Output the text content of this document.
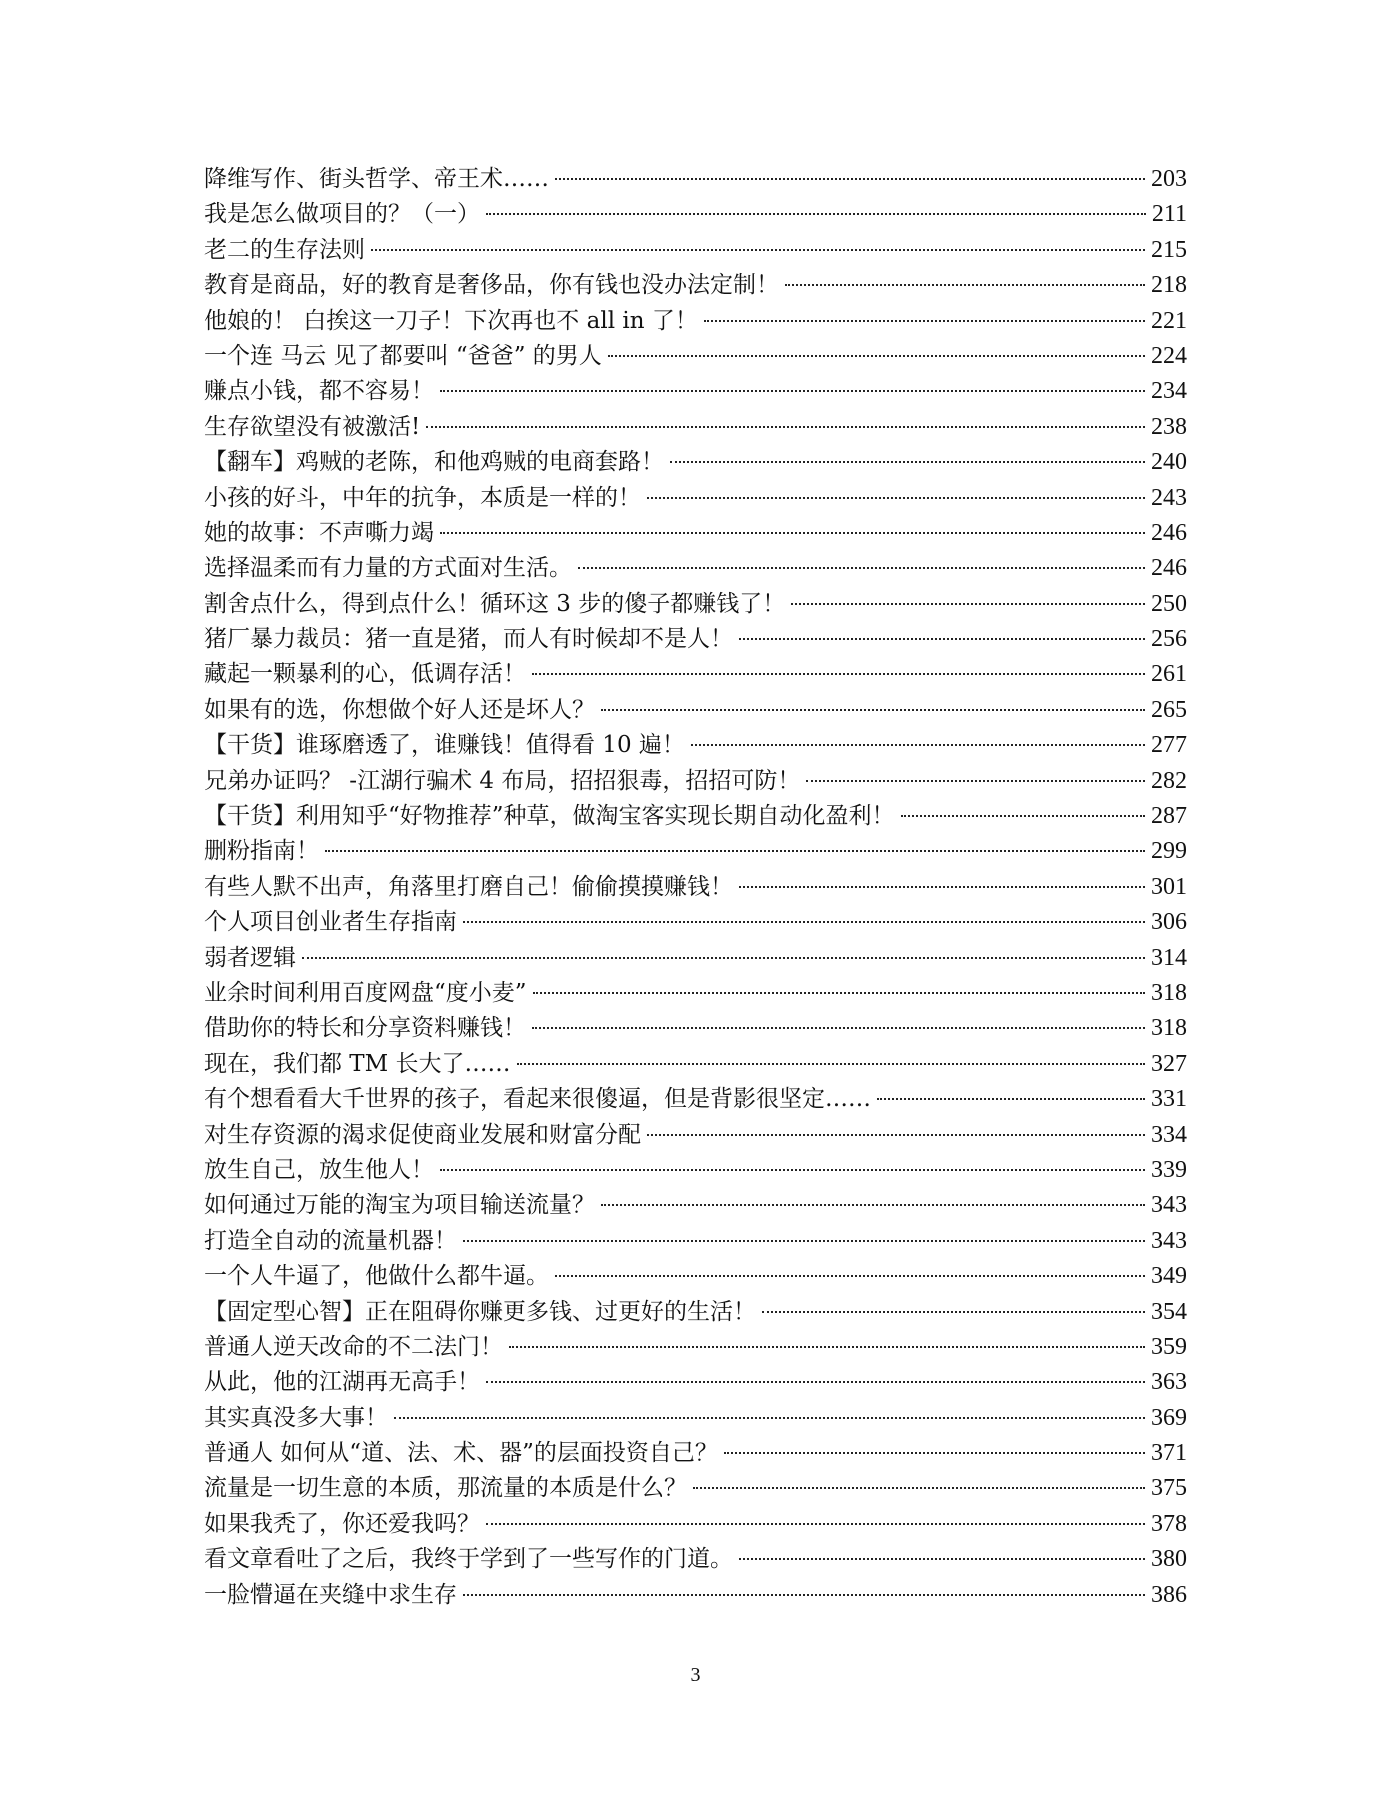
降维写作、街头哲学、帝王术……	203
我是怎么做项目的？（一）	211
老二的生存法则	215
教育是商品，好的教育是奢侈品，你有钱也没办法定制！	218
他娘的！ 白挨这一刀子！下次再也不 all in 了！	221
一个连 马云 见了都要叫 “爸爸” 的男人	224
赚点小钱，都不容易！	234
生存欲望没有被激活!	238
【翻车】鸡贼的老陈，和他鸡贼的电商套路！	240
小孩的好斗，中年的抗争，本质是一样的！	243
她的故事：不声嘶力竭	246
选择温柔而有力量的方式面对生活。	246
割舍点什么，得到点什么！循环这 3 步的傻子都赚钱了！	250
猪厂暴力裁员：猪一直是猪，而人有时候却不是人！	256
藏起一颗暴利的心，低调存活！	261
如果有的选，你想做个好人还是坏人？	265
【干货】谁琢磨透了，谁赚钱！值得看 10 遍！	277
兄弟办证吗？ -江湖行骗术 4 布局，招招狠毒，招招可防！	282
【干货】利用知乎“好物推荐”种草，做淘宝客实现长期自动化盈利！	287
删粉指南！	299
有些人默不出声，角落里打磨自己！偷偷摸摸赚钱！	301
个人项目创业者生存指南	306
弱者逻辑	314
业余时间利用百度网盘“度小麦”	318
借助你的特长和分享资料赚钱！	318
现在，我们都 TM 长大了……	327
有个想看看大千世界的孩子，看起来很傻逼，但是背影很坚定……	331
对生存资源的渴求促使商业发展和财富分配	334
放生自己，放生他人！	339
如何通过万能的淘宝为项目输送流量？	343
打造全自动的流量机器！	343
一个人牛逼了，他做什么都牛逼。	349
【固定型心智】正在阻碍你赚更多钱、过更好的生活！	354
普通人逆天改命的不二法门！	359
从此，他的江湖再无高手！	363
其实真没多大事！	369
普通人 如何从“道、法、术、器”的层面投资自己？	371
流量是一切生意的本质，那流量的本质是什么？	375
如果我秃了，你还爱我吗？	378
看文章看吐了之后，我终于学到了一些写作的门道。	380
一脸懵逼在夹缝中求生存	386
3
